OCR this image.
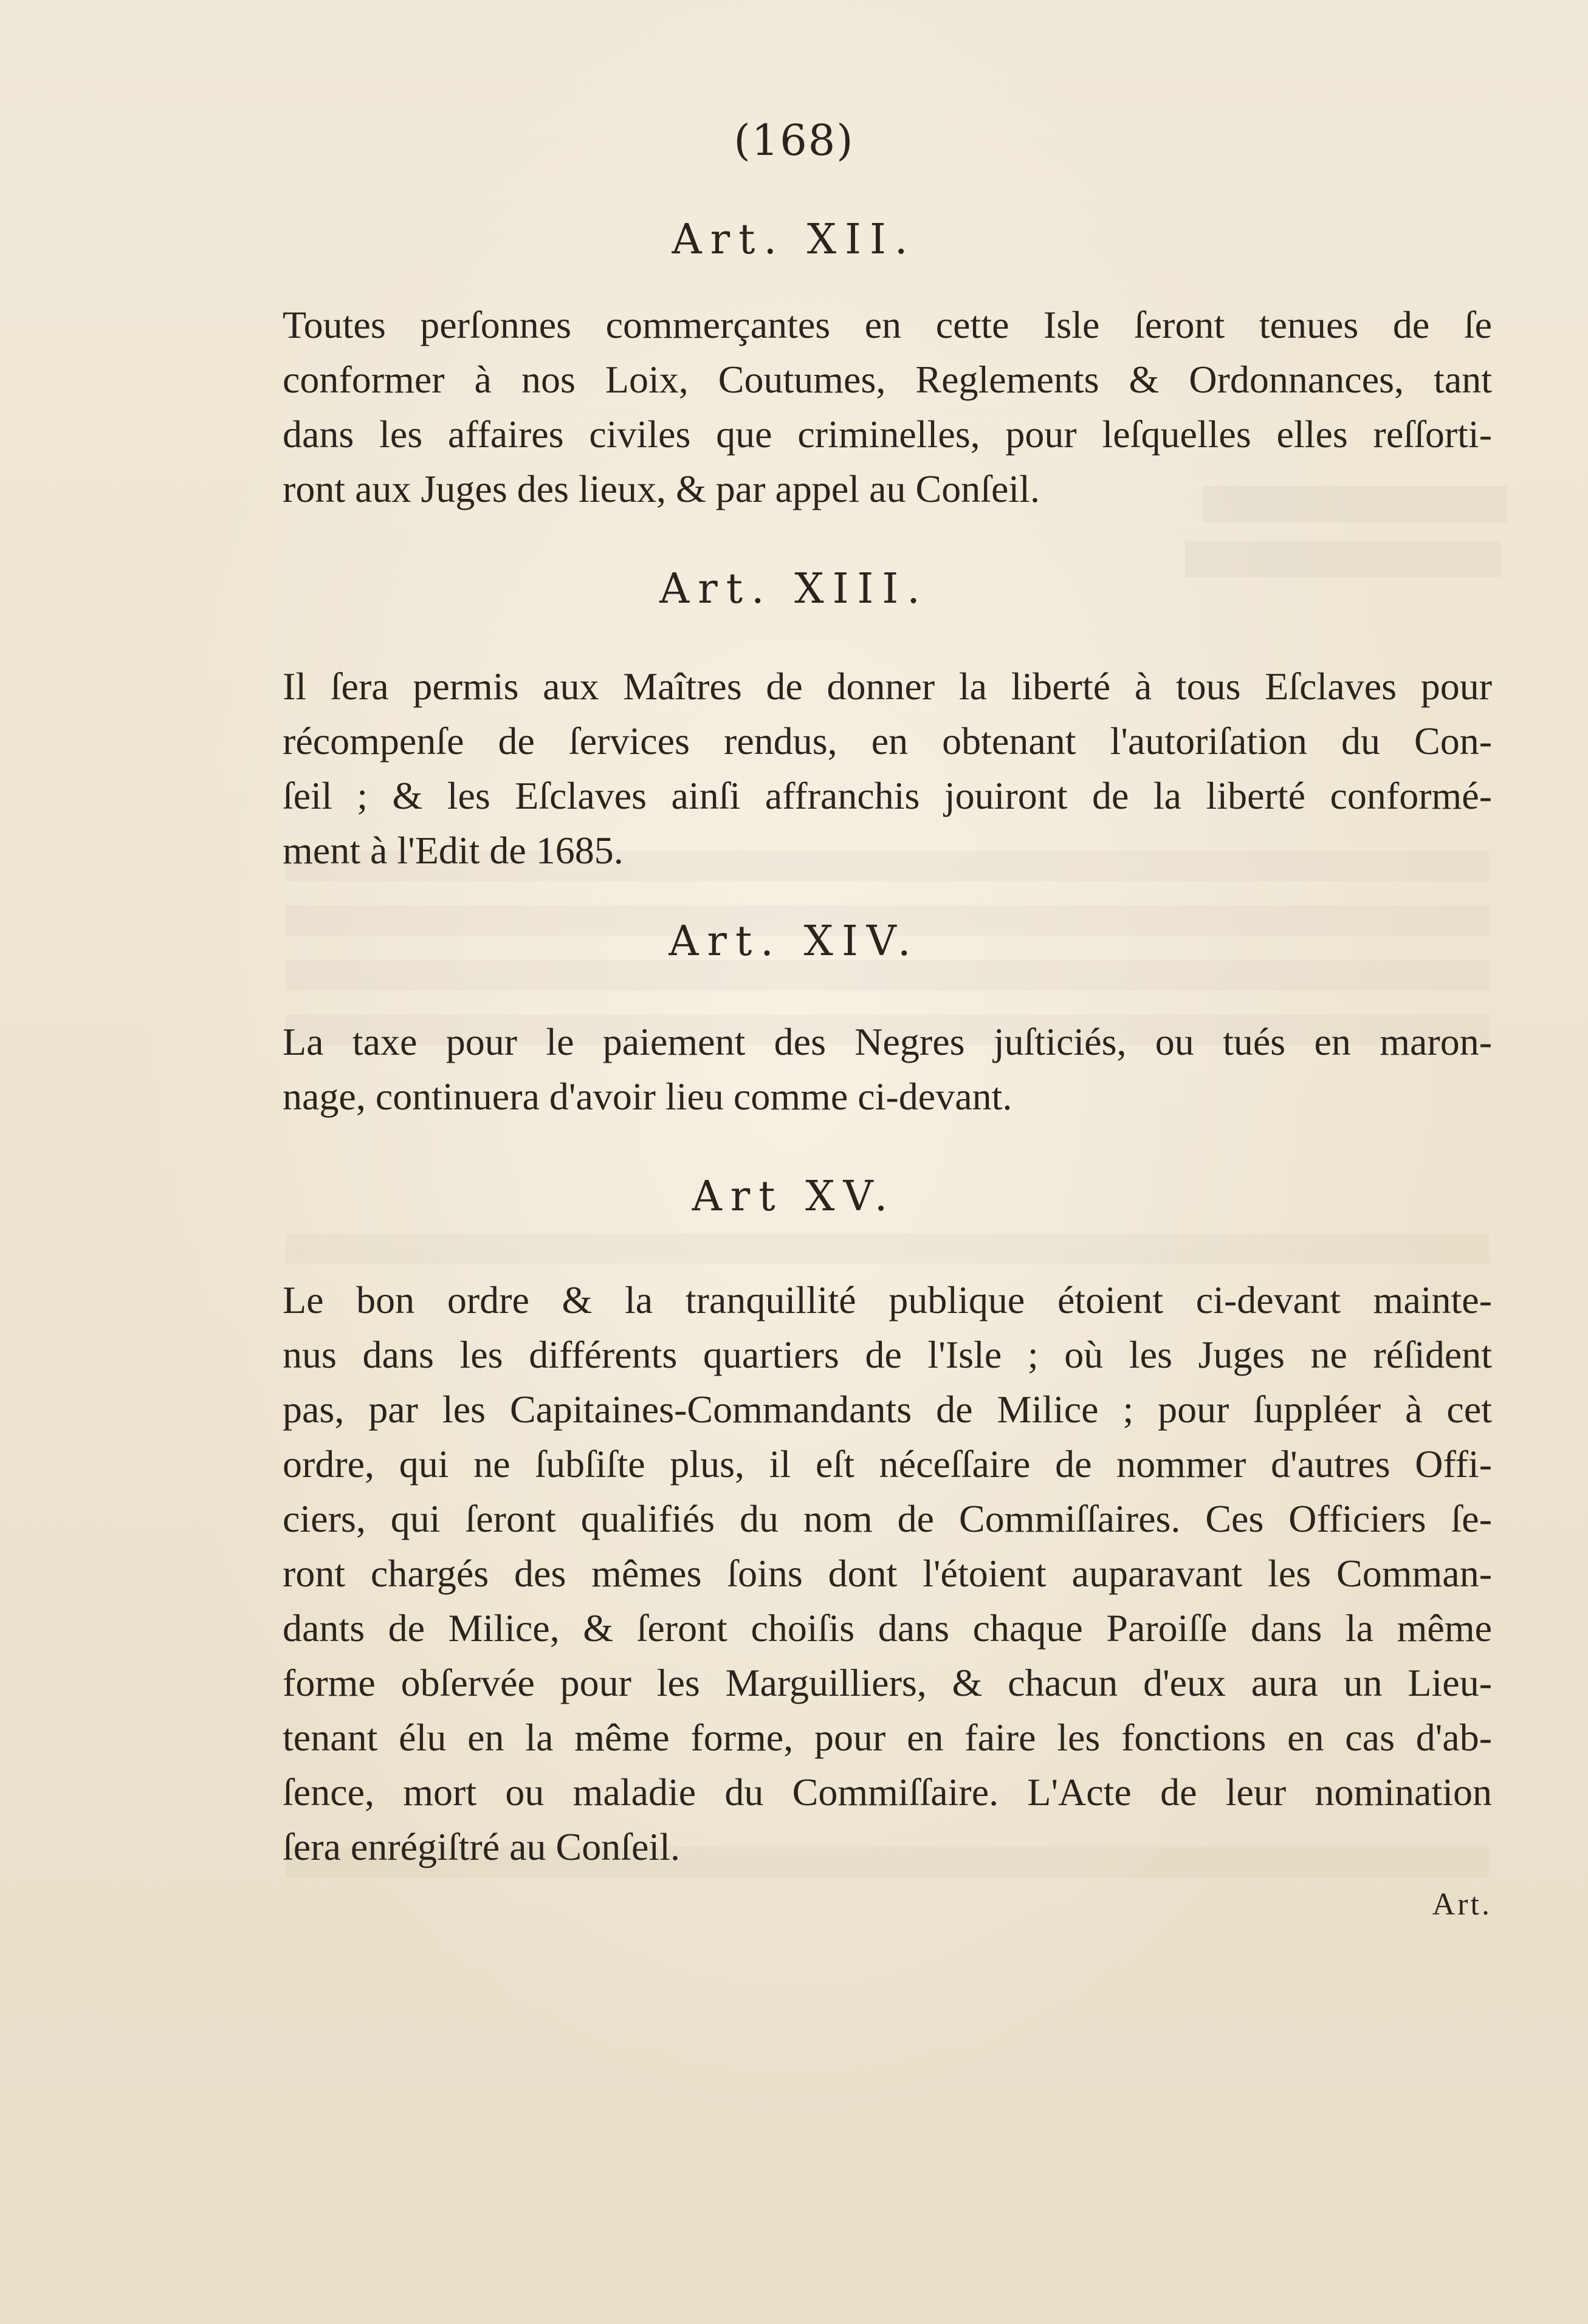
(168)
Art. XII.
Toutes perſonnes commerçantes en cette Isle ſeront tenues de ſe
conformer à nos Loix, Coutumes, Reglements & Ordonnances, tant
dans les affaires civiles que criminelles, pour leſquelles elles reſſorti-
ront aux Juges des lieux, & par appel au Conſeil.
Art. XIII.
Il ſera permis aux Maîtres de donner la liberté à tous Eſclaves pour
récompenſe de ſervices rendus, en obtenant l'autoriſation du Con-
ſeil ; & les Eſclaves ainſi affranchis jouiront de la liberté conformé-
ment à l'Edit de 1685.
Art. XIV.
La taxe pour le paiement des Negres juſticiés, ou tués en maron-
nage, continuera d'avoir lieu comme ci-devant.
Art XV.
Le bon ordre & la tranquillité publique étoient ci-devant mainte-
nus dans les différents quartiers de l'Isle ; où les Juges ne réſident
pas, par les Capitaines-Commandants de Milice ; pour ſuppléer à cet
ordre, qui ne ſubſiſte plus, il eſt néceſſaire de nommer d'autres Offi-
ciers, qui ſeront qualifiés du nom de Commiſſaires. Ces Officiers ſe-
ront chargés des mêmes ſoins dont l'étoient auparavant les Comman-
dants de Milice, & ſeront choiſis dans chaque Paroiſſe dans la même
forme obſervée pour les Marguilliers, & chacun d'eux aura un Lieu-
tenant élu en la même forme, pour en faire les fonctions en cas d'ab-
ſence, mort ou maladie du Commiſſaire. L'Acte de leur nomination
ſera enrégiſtré au Conſeil.
Art.
